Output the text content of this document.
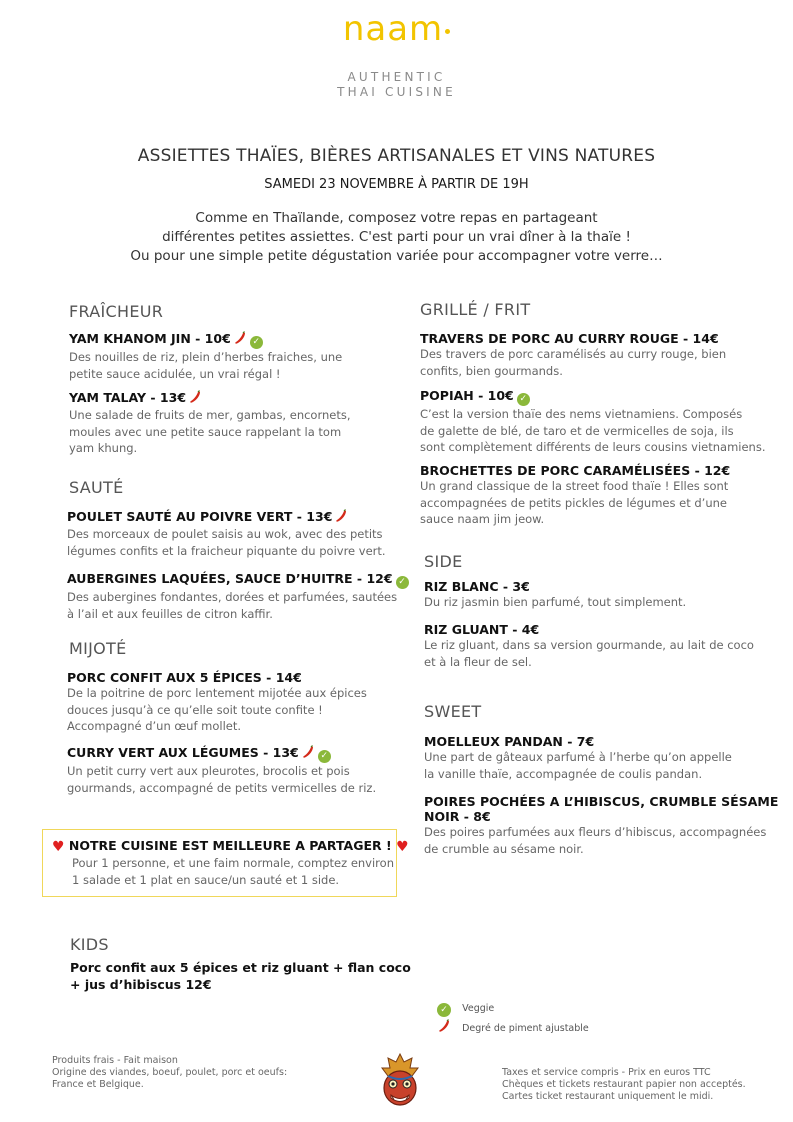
naam
AUTHENTIC
THAI CUISINE
ASSIETTES THAÏES, BIÈRES ARTISANALES ET VINS NATURES
SAMEDI 23 NOVEMBRE À PARTIR DE 19H
Comme en Thaïlande, composez votre repas en partageant
différentes petites assiettes. C'est parti pour un vrai dîner à la thaïe !
Ou pour une simple petite dégustation variée pour accompagner votre verre…
FRAÎCHEUR
YAM KHANOM JIN - 10€ ✓
Des nouilles de riz, plein d’herbes fraiches, une
petite sauce acidulée, un vrai régal !
YAM TALAY - 13€
Une salade de fruits de mer, gambas, encornets,
moules avec une petite sauce rappelant la tom
yam khung.
SAUTÉ
POULET SAUTÉ AU POIVRE VERT - 13€
Des morceaux de poulet saisis au wok, avec des petits
légumes confits et la fraicheur piquante du poivre vert.
AUBERGINES LAQUÉES, SAUCE D’HUITRE - 12€ ✓
Des aubergines fondantes, dorées et parfumées, sautées
à l’ail et aux feuilles de citron kaffir.
MIJOTÉ
PORC CONFIT AUX 5 ÉPICES - 14€
De la poitrine de porc lentement mijotée aux épices
douces jusqu’à ce qu’elle soit toute confite !
Accompagné d’un œuf mollet.
CURRY VERT AUX LÉGUMES - 13€ ✓
Un petit curry vert aux pleurotes, brocolis et pois
gourmands, accompagné de petits vermicelles de riz.
♥ NOTRE CUISINE EST MEILLEURE A PARTAGER ! ♥
Pour 1 personne, et une faim normale, comptez environ
1 salade et 1 plat en sauce/un sauté et 1 side.
KIDS
Porc confit aux 5 épices et riz gluant + flan coco
+ jus d’hibiscus 12€
GRILLÉ / FRIT
TRAVERS DE PORC AU CURRY ROUGE - 14€
Des travers de porc caramélisés au curry rouge, bien
confits, bien gourmands.
POPIAH - 10€ ✓
C’est la version thaïe des nems vietnamiens. Composés
de galette de blé, de taro et de vermicelles de soja, ils
sont complètement différents de leurs cousins vietnamiens.
BROCHETTES DE PORC CARAMÉLISÉES - 12€
Un grand classique de la street food thaïe ! Elles sont
accompagnées de petits pickles de légumes et d’une
sauce naam jim jeow.
SIDE
RIZ BLANC - 3€
Du riz jasmin bien parfumé, tout simplement.
RIZ GLUANT - 4€
Le riz gluant, dans sa version gourmande, au lait de coco
et à la fleur de sel.
SWEET
MOELLEUX PANDAN - 7€
Une part de gâteaux parfumé à l’herbe qu’on appelle
la vanille thaïe, accompagnée de coulis pandan.
POIRES POCHÉES A L’HIBISCUS, CRUMBLE SÉSAME
NOIR - 8€
Des poires parfumées aux fleurs d’hibiscus, accompagnées
de crumble au sésame noir.
✓ Veggie
Degré de piment ajustable
Produits frais - Fait maison
Origine des viandes, boeuf, poulet, porc et oeufs:
France et Belgique.
Taxes et service compris - Prix en euros TTC
Chèques et tickets restaurant papier non acceptés.
Cartes ticket restaurant uniquement le midi.
